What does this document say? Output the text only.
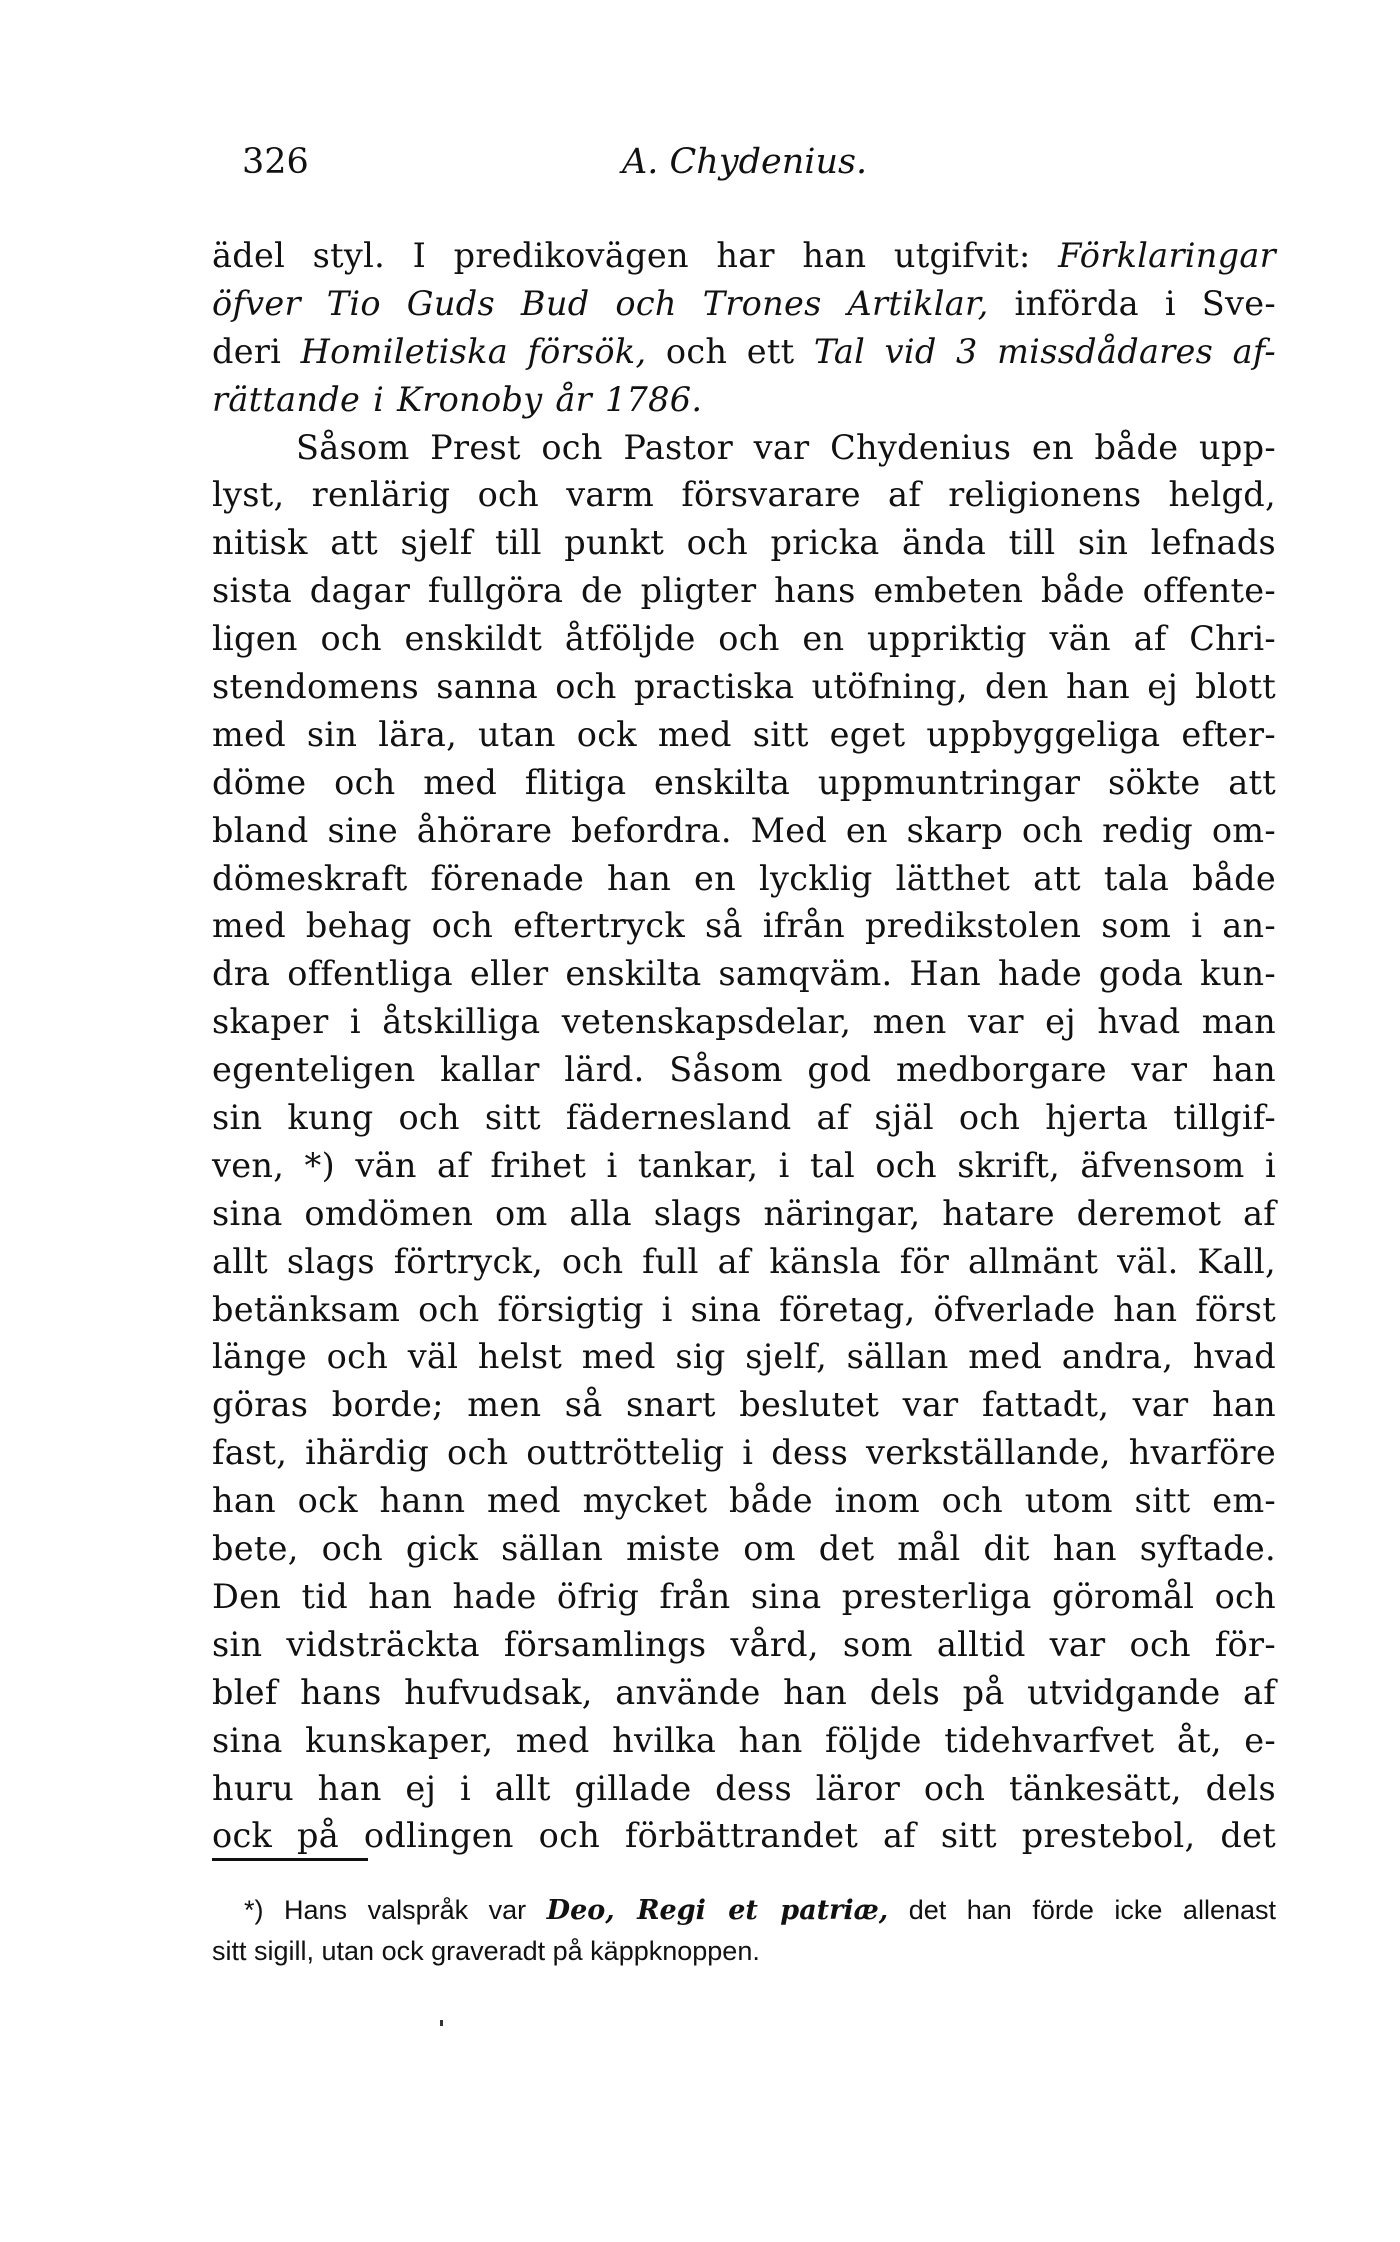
326	A. Chydenius.
ädel styl. I predikovägen har han utgifvit: Förklaringar
öfver Tio Guds Bud och Trones Artiklar, införda i Sve-
deri Homiletiska försök, och ett Tal vid 3 missdådares af-
rättande i Kronoby år 1786.
Såsom Prest och Pastor var Chydenius en både upp-
lyst, renlärig och varm försvarare af religionens helgd,
nitisk att sjelf till punkt och pricka ända till sin lefnads
sista dagar fullgöra de pligter hans embeten både offente-
ligen och enskildt åtföljde och en uppriktig vän af Chri-
stendomens sanna och practiska utöfning, den han ej blott
med sin lära, utan ock med sitt eget uppbyggeliga efter-
döme och med flitiga enskilta uppmuntringar sökte att
bland sine åhörare befordra. Med en skarp och redig om-
dömeskraft förenade han en lycklig lätthet att tala både
med behag och eftertryck så ifrån predikstolen som i an-
dra offentliga eller enskilta samqväm. Han hade goda kun-
skaper i åtskilliga vetenskapsdelar, men var ej hvad man
egenteligen kallar lärd. Såsom god medborgare var han
sin kung och sitt fädernesland af själ och hjerta tillgif-
ven, *) vän af frihet i tankar, i tal och skrift, äfvensom i
sina omdömen om alla slags näringar, hatare deremot af
allt slags förtryck, och full af känsla för allmänt väl. Kall,
betänksam och försigtig i sina företag, öfverlade han först
länge och väl helst med sig sjelf, sällan med andra, hvad
göras borde; men så snart beslutet var fattadt, var han
fast, ihärdig och outtröttelig i dess verkställande, hvarföre
han ock hann med mycket både inom och utom sitt em-
bete, och gick sällan miste om det mål dit han syftade.
Den tid han hade öfrig från sina presterliga göromål och
sin vidsträckta församlings vård, som alltid var och för-
blef hans hufvudsak, använde han dels på utvidgande af
sina kunskaper, med hvilka han följde tidehvarfvet åt, e-
huru han ej i allt gillade dess läror och tänkesätt, dels
ock på odlingen och förbättrandet af sitt prestebol, det
*) Hans valspråk var Deo, Regi et patriæ, det han förde icke allenast
sitt sigill, utan ock graveradt på käppknoppen.
